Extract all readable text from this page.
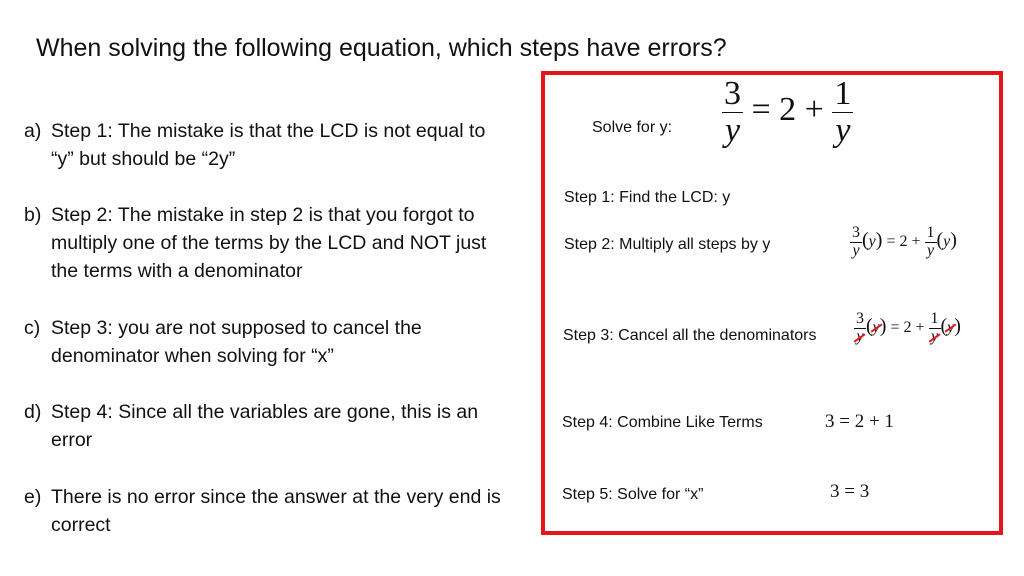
When solving the following equation, which steps have errors?
a) Step 1: The mistake is that the LCD is not equal to “y” but should be “2y”
b) Step 2: The mistake in step 2 is that you forgot to multiply one of the terms by the LCD and NOT just the terms with a denominator
c) Step 3: you are not supposed to cancel the denominator when solving for “x”
d) Step 4: Since all the variables are gone, this is an error
e) There is no error since the answer at the very end is correct
Solve for y: $\frac{3}{y} = 2 + \frac{1}{y}$
Step 1: Find the LCD: y
Step 2: Multiply all steps by y	$\frac{3}{y} (y) = 2 + \frac{1}{y} (y)$
Step 3: Cancel all the denominators $\frac{3}{y} (y) = 2 + \frac{1}{y} (y)$
Step 4: Combine Like Terms	3 = 2 + 1
Step 5: Solve for “x”	3 = 3
